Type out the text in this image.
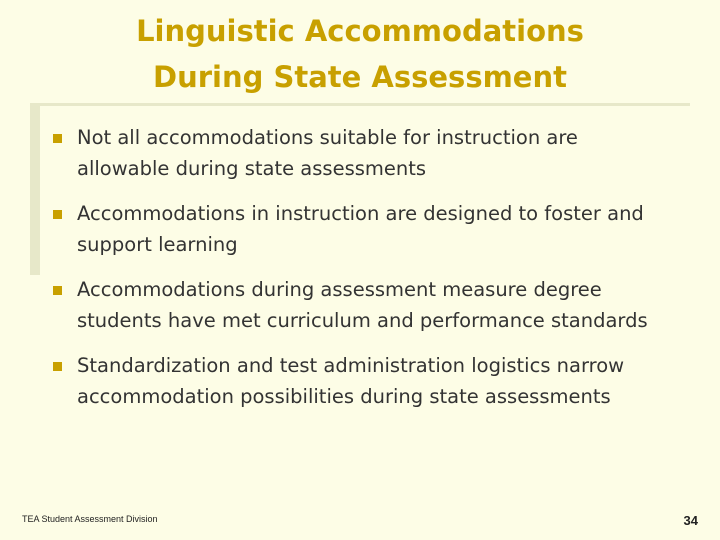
Linguistic Accommodations
During State Assessment
Not all accommodations suitable for instruction are allowable during state assessments
Accommodations in instruction are designed to foster and support learning
Accommodations during assessment measure degree students have met curriculum and performance standards
Standardization and test administration logistics narrow accommodation possibilities during state assessments
TEA Student Assessment Division	34
